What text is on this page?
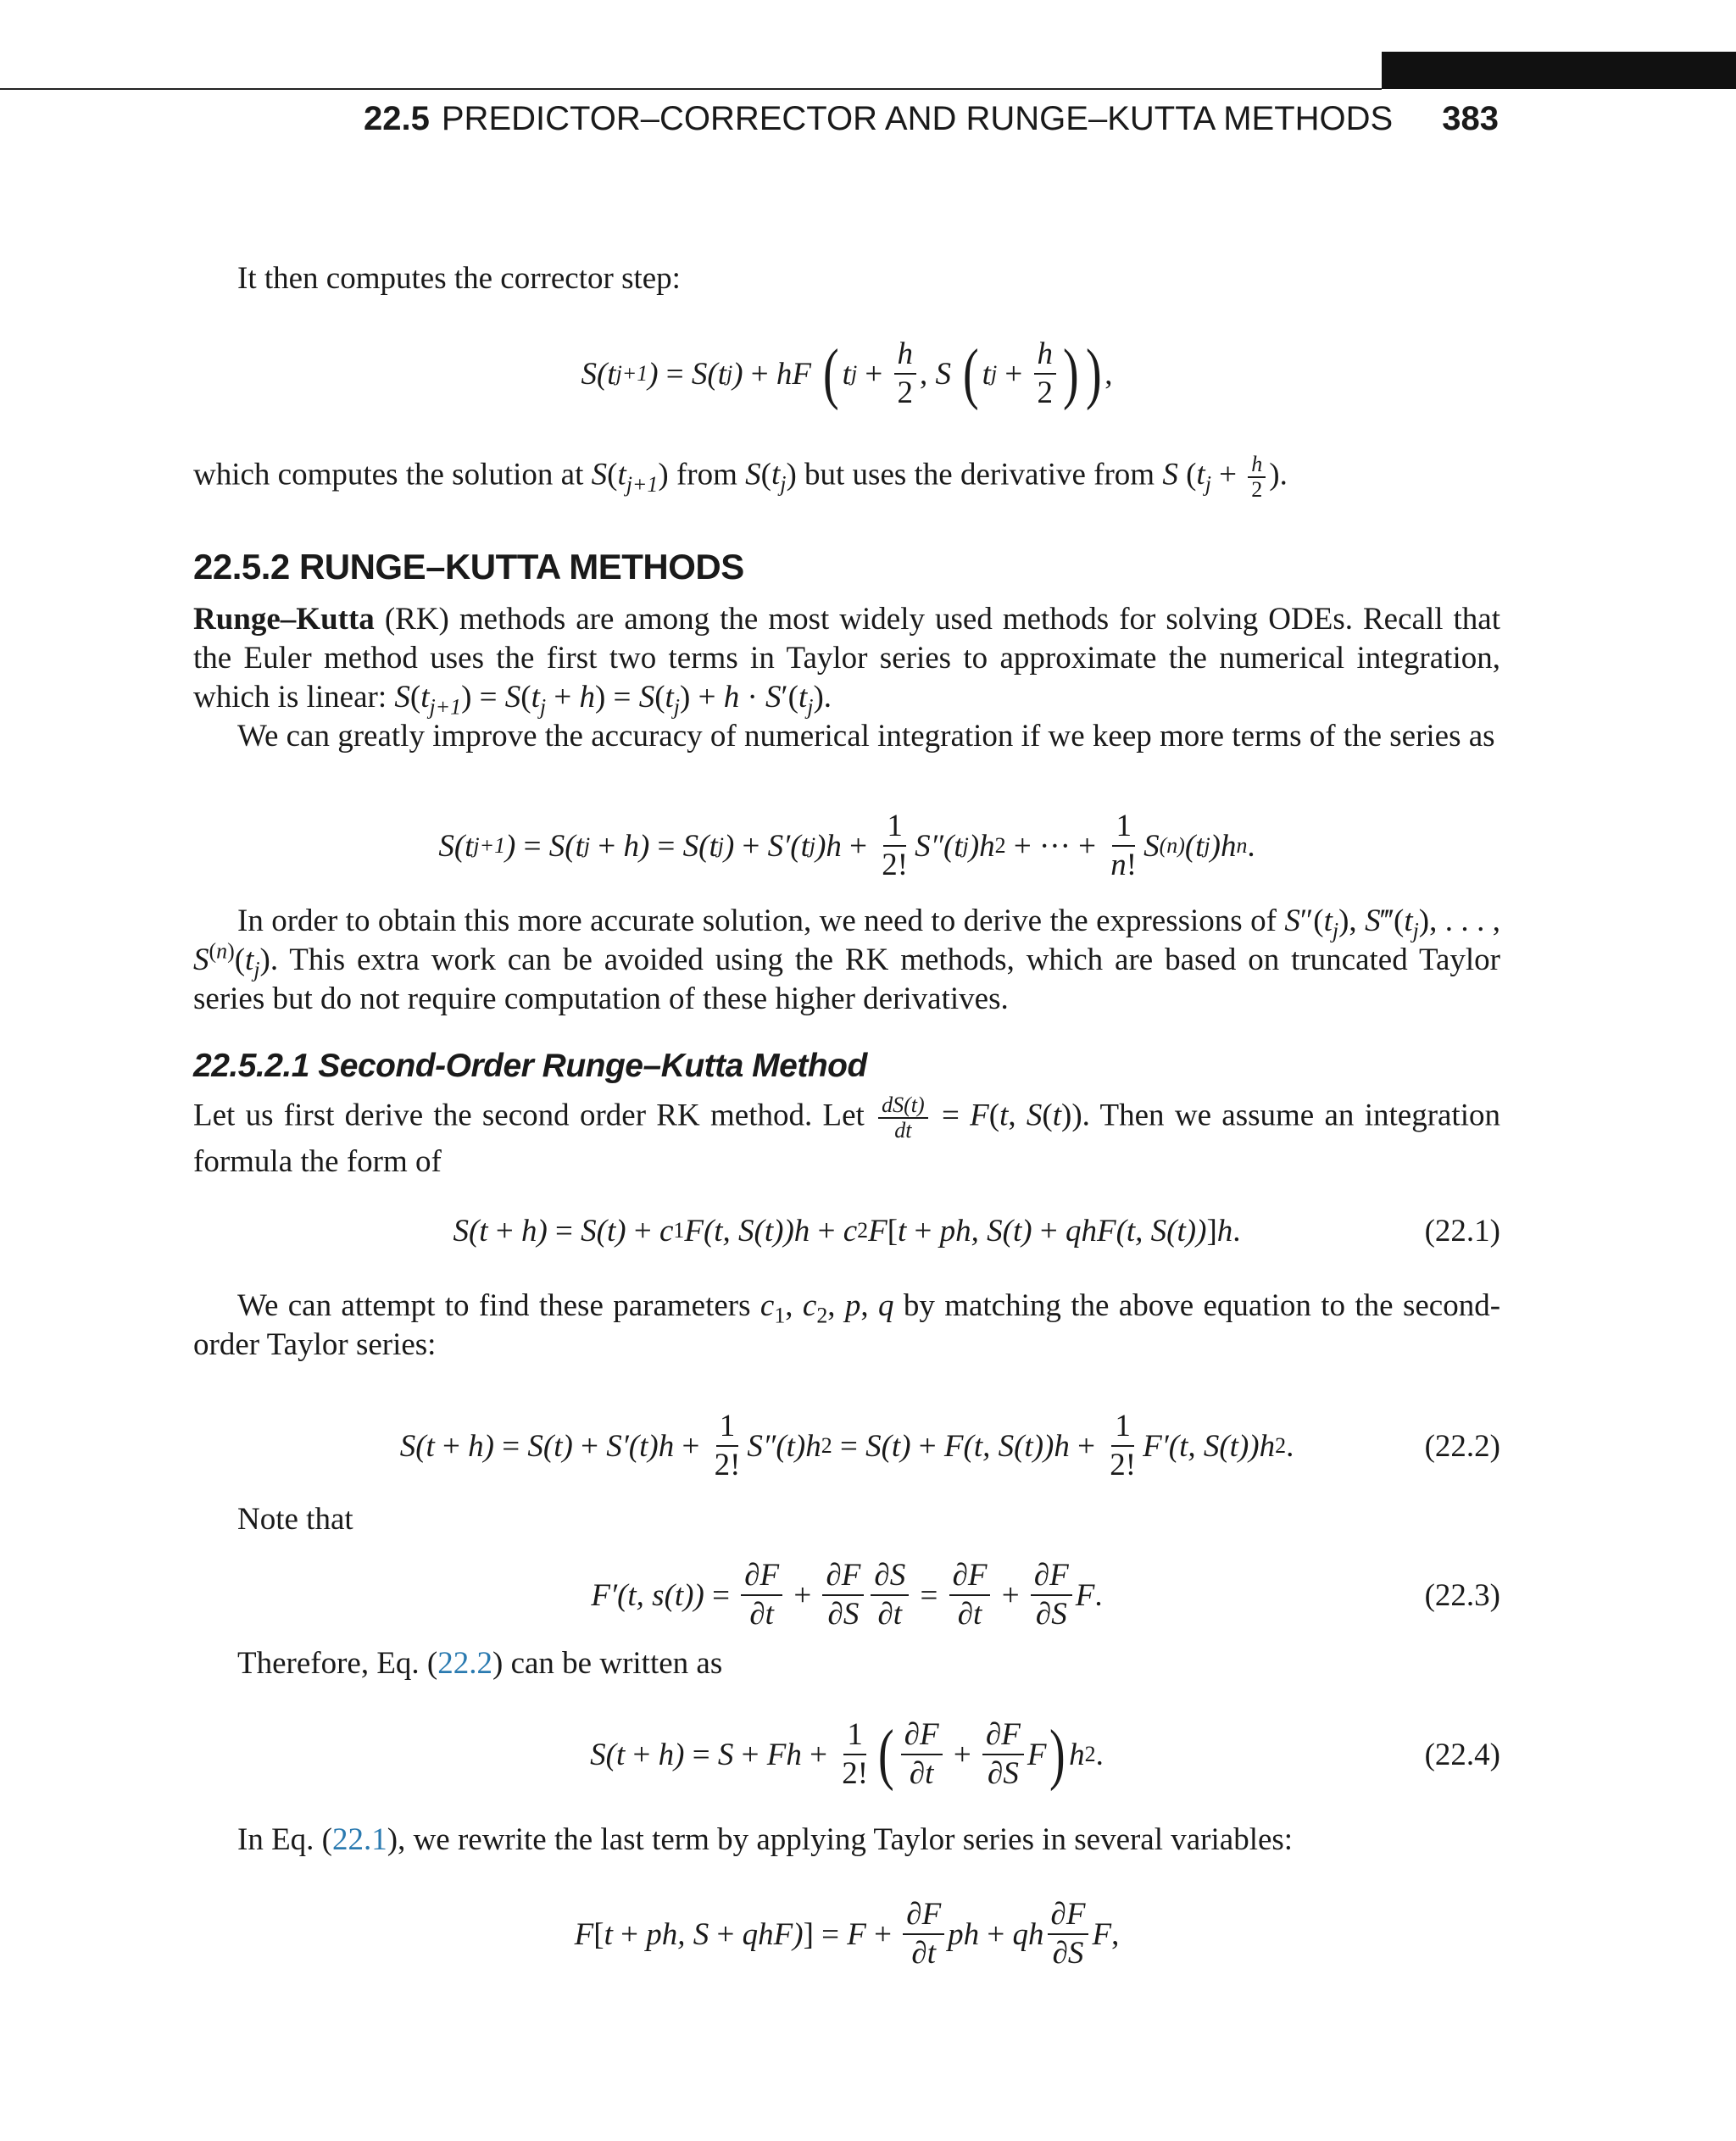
22.5 PREDICTOR–CORRECTOR AND RUNGE–KUTTA METHODS 383

It then computes the corrector step:

S(t j+1 ) = S(t j ) + hF ( t $j + \frac{h}{2}$ , S ( t $j + \frac{h}{2}$ ) ) ,

which computes the solution at $S(t_{j+1})$ from $S(t_j)$ but uses the derivative from S ($t_j + \frac{h}{2}$ ).

22.5.2 RUNGE–KUTTA METHODS

Runge–Kutta (RK) methods are among the most widely used methods for solving ODEs. Recall that the Euler method uses the first two terms in Taylor series to approximate the numerical integration, which is linear: $S(t_{j+1}) = S(t_j + h) = S(t_j) + h \cdot S'(t_j)$.

We can greatly improve the accuracy of numerical integration if we keep more terms of the series as

S(t j+1 ) = S(t j + h) = S(t j ) + S′(t j )$h + \frac{1}{2!} S''(t$ j )h 2 + ··· + $\frac{1}{n!}$ S (n) (t j )h n .

In order to obtain this more accurate solution, we need to derive the expressions of $S''(t_j)$, $S‴(t_j)$, . . . , $S^{(n)}(t_j)$. This extra work can be avoided using the RK methods, which are based on truncated Taylor series but do not require computation of these higher derivatives.

22.5.2.1 Second-Order Runge–Kutta Method

Let us first derive the second order RK method. Let $\frac{dS(t)}{dt} = F(t$, S(t)). Then we assume an integration formula the form of

S(t + h) = S(t) + c 1 F(t, S(t))h + c 2 F [ t + ph, S(t) + qhF(t, S(t)) ] h .	(22.1)

We can attempt to find these parameters $c_1$, $c_2$, p, q by matching the above equation to the second-order Taylor series:

$S(t + h) = S(t) + S'(t)h + \frac{1}{2!} S''(t)h$ 2 = S(t) + F(t, $S(t))h + \frac{1}{2!} F'(t$, S(t))h 2 .	(22.2)

Note that

F′(t, $s(t)) = \frac{\partial F}{\partial t} + \frac{\partial F}{\partial S} \frac{\partial S}{\partial t} = \frac{\partial F}{\partial t} + \frac{\partial F}{\partial S}$ F .	(22.3)

Therefore, Eq. (22.2) can be written as

$S(t + h) = S + Fh + \frac{1}{2!}$ ( $\frac{\partial F}{\partial t} + \frac{\partial F}{\partial S}$ F ) h 2 .	(22.4)

In Eq. (22.1), we rewrite the last term by applying Taylor series in several variables:

F [ t + ph, S + qhF) ] = $F + \frac{\partial F}{\partial t}$ ph + qh $\frac{\partial F}{\partial S}$ F ,
